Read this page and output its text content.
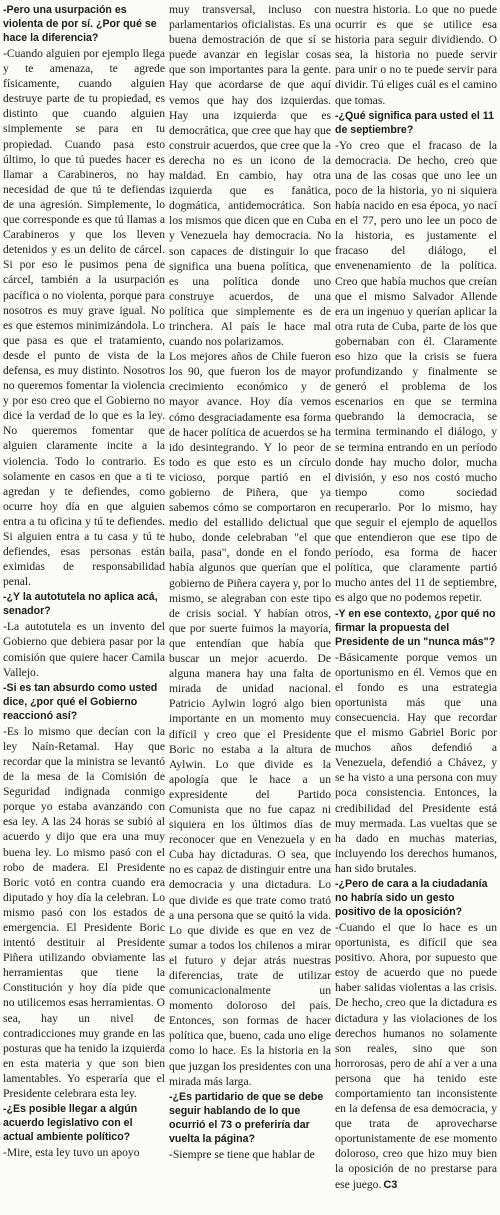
-Pero una usurpación es violenta de por sí. ¿Por qué se hace la diferencia?

-Cuando alguien por ejemplo llega y te amenaza, te agrede físicamente, cuando alguien destruye parte de tu propiedad, es distinto que cuando alguien simplemente se para en tu propiedad. Cuando pasa esto último, lo que tú puedes hacer es llamar a Carabineros, no hay necesidad de que tú te defiendas de una agresión. Simplemente, lo que corresponde es que tú llamas a Carabineros y que los lleven detenidos y es un delito de cárcel. Si por eso le pusimos pena de cárcel, también a la usurpación pacífica o no violenta, porque para nosotros es muy grave igual. No es que estemos minimizándola. Lo que pasa es que el tratamiento, desde el punto de vista de la defensa, es muy distinto. Nosotros no queremos fomentar la violencia y por eso creo que el Gobierno no dice la verdad de lo que es la ley. No queremos fomentar que alguien claramente incite a la violencia. Todo lo contrario. Es solamente en casos en que a ti te agredan y te defiendes, como ocurre hoy día en que alguien entra a tu oficina y tú te defiendes. Si alguien entra a tu casa y tú te defiendes, esas personas están eximidas de responsabilidad penal.

-¿Y la autotutela no aplica acá, senador?

-La autotutela es un invento del Gobierno que debiera pasar por la comisión que quiere hacer Camila Vallejo.

-Si es tan absurdo como usted dice, ¿por qué el Gobierno reaccionó así?

-Es lo mismo que decían con la ley Naín-Retamal. Hay que recordar que la ministra se levantó de la mesa de la Comisión de Seguridad indignada conmigo porque yo estaba avanzando con esa ley. A las 24 horas se subió al acuerdo y dijo que era una muy buena ley. Lo mismo pasó con el robo de madera. El Presidente Boric votó en contra cuando era diputado y hoy día la celebran. Lo mismo pasó con los estados de emergencia. El Presidente Boric intentó destituir al Presidente Piñera utilizando obviamente las herramientas que tiene la Constitución y hoy día pide que no utilicemos esas herramientas. O sea, hay un nivel de contradicciones muy grande en las posturas que ha tenido la izquierda en esta materia y que son bien lamentables. Yo esperaría que el Presidente celebrara esta ley.

-¿Es posible llegar a algún acuerdo legislativo con el actual ambiente político?

-Mire, esta ley tuvo un apoyo

muy transversal, incluso con parlamentarios oficialistas. Es una buena demostración de que sí se puede avanzar en legislar cosas que son importantes para la gente. Hay que acordarse de que aquí vemos que hay dos izquierdas. Hay una izquierda que es democrática, que cree que hay que construir acuerdos, que cree que la derecha no es un icono de la maldad. En cambio, hay otra izquierda que es fanática, dogmática, antidemocrática. Son los mismos que dicen que en Cuba y Venezuela hay democracia. No son capaces de distinguir lo que significa una buena política, que es una política donde uno construye acuerdos, de una política que simplemente es de trinchera. Al país le hace mal cuando nos polarizamos.

Los mejores años de Chile fueron los 90, que fueron los de mayor crecimiento económico y de mayor avance. Hoy día vemos cómo desgraciadamente esa forma de hacer política de acuerdos se ha ido desintegrando. Y lo peor de todo es que esto es un círculo vicioso, porque partió en el gobierno de Piñera, que ya sabemos cómo se comportaron en medio del estallido delictual que hubo, donde celebraban "el que baila, pasa", donde en el fondo había algunos que querían que el gobierno de Piñera cayera y, por lo mismo, se alegraban con este tipo de crisis social. Y habían otros, que por suerte fuimos la mayoría, que entendían que había que buscar un mejor acuerdo. De alguna manera hay una falta de mirada de unidad nacional. Patricio Aylwin logró algo bien importante en un momento muy difícil y creo que el Presidente Boric no estaba a la altura de Aylwin. Lo que divide es la apología que le hace a un expresidente del Partido Comunista que no fue capaz ni siquiera en los últimos días de reconocer que en Venezuela y en Cuba hay dictaduras. O sea, que no es capaz de distinguir entre una democracia y una dictadura. Lo que divide es que trate como trató a una persona que se quitó la vida. Lo que divide es que en vez de sumar a todos los chilenos a mirar el futuro y dejar atrás nuestras diferencias, trate de utilizar comunicacionalmente un momento doloroso del país. Entonces, son formas de hacer política que, bueno, cada uno elige como lo hace. Es la historia en la que juzgan los presidentes con una mirada más larga.

-¿Es partidario de que se debe seguir hablando de lo que ocurrió el 73 o preferiría dar vuelta la página?

-Siempre se tiene que hablar de

nuestra historia. Lo que no puede ocurrir es que se utilice esa historia para seguir dividiendo. O sea, la historia no puede servir para unir o no te puede servir para dividir. Tú eliges cuál es el camino que tomas.

-¿Qué significa para usted el 11 de septiembre?

-Yo creo que el fracaso de la democracia. De hecho, creo que una de las cosas que uno lee un poco de la historia, yo ni siquiera había nacido en esa época, yo nací en el 77, pero uno lee un poco de la historia, es justamente el fracaso del diálogo, el envenenamiento de la política. Creo que había muchos que creían que el mismo Salvador Allende era un ingenuo y querían aplicar la otra ruta de Cuba, parte de los que gobernaban con él. Claramente eso hizo que la crisis se fuera profundizando y finalmente se generó el problema de los escenarios en que se termina quebrando la democracia, se termina terminando el diálogo, y se termina entrando en un período donde hay mucho dolor, mucha división, y eso nos costó mucho tiempo como sociedad recuperarlo. Por lo mismo, hay que seguir el ejemplo de aquellos que entendieron que ese tipo de período, esa forma de hacer política, que claramente partió mucho antes del 11 de septiembre, es algo que no podemos repetir.

-Y en ese contexto, ¿por qué no firmar la propuesta del Presidente de un "nunca más"?

-Básicamente porque vemos un oportunismo en él. Vemos que en el fondo es una estrategia oportunista más que una consecuencia. Hay que recordar que el mismo Gabriel Boric por muchos años defendió a Venezuela, defendió a Chávez, y se ha visto a una persona con muy poca consistencia. Entonces, la credibilidad del Presidente está muy mermada. Las vueltas que se ha dado en muchas materias, incluyendo los derechos humanos, han sido brutales.

-¿Pero de cara a la ciudadanía no habría sido un gesto positivo de la oposición?

-Cuando el que lo hace es un oportunista, es difícil que sea positivo. Ahora, por supuesto que estoy de acuerdo que no puede haber salidas violentas a las crisis. De hecho, creo que la dictadura es dictadura y las violaciones de los derechos humanos no solamente son reales, sino que son horrorosas, pero de ahí a ver a una persona que ha tenido este comportamiento tan inconsistente en la defensa de esa democracia, y que trata de aprovecharse oportunistamente de ese momento doloroso, creo que hizo muy bien la oposición de no prestarse para ese juego. C3
